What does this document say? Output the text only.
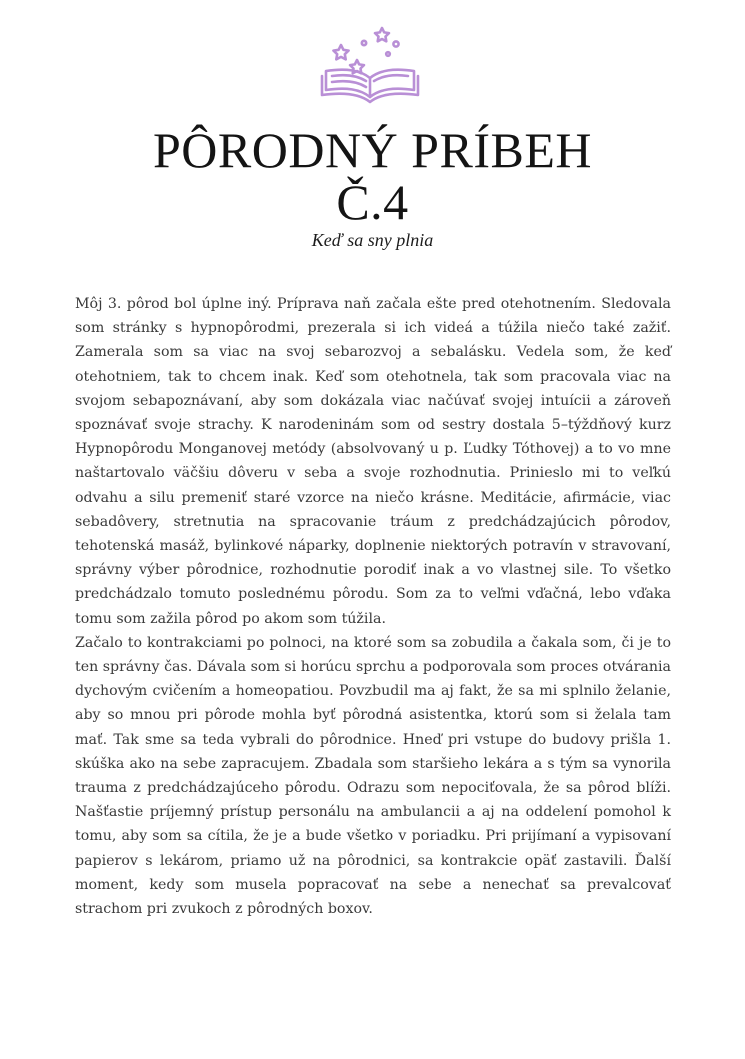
PÔRODNÝ PRÍBEH
Č.4
Keď sa sny plnia

Môj 3. pôrod bol úplne iný. Príprava naň začala ešte pred otehotnením. Sledovala som stránky s hypnopôrodmi, prezerala si ich videá a túžila niečo také zažiť. Zamerala som sa viac na svoj sebarozvoj a sebalásku. Vedela som, že keď otehotniem, tak to chcem inak. Keď som otehotnela, tak som pracovala viac na svojom sebapoznávaní, aby som dokázala viac načúvať svojej intuícii a zároveň spoznávať svoje strachy. K narodeninám som od sestry dostala 5–týždňový kurz Hypnopôrodu Monganovej metódy (absolvovaný u p. Ľudky Tóthovej) a to vo mne naštartovalo väčšiu dôveru v seba a svoje rozhodnutia. Prinieslo mi to veľkú odvahu a silu premeniť staré vzorce na niečo krásne. Meditácie, afirmácie, viac sebadôvery, stretnutia na spracovanie tráum z predchádzajúcich pôrodov, tehotenská masáž, bylinkové náparky, doplnenie niektorých potravín v stravovaní, správny výber pôrodnice, rozhodnutie porodiť inak a vo vlastnej sile. To všetko predchádzalo tomuto poslednému pôrodu. Som za to veľmi vďačná, lebo vďaka tomu som zažila pôrod po akom som túžila.

Začalo to kontrakciami po polnoci, na ktoré som sa zobudila a čakala som, či je to ten správny čas. Dávala som si horúcu sprchu a podporovala som proces otvárania dychovým cvičením a homeopatiou. Povzbudil ma aj fakt, že sa mi splnilo želanie, aby so mnou pri pôrode mohla byť pôrodná asistentka, ktorú som si želala tam mať. Tak sme sa teda vybrali do pôrodnice. Hneď pri vstupe do budovy prišla 1. skúška ako na sebe zapracujem. Zbadala som staršieho lekára a s tým sa vynorila trauma z predchádzajúceho pôrodu. Odrazu som nepociťovala, že sa pôrod blíži. Našťastie príjemný prístup personálu na ambulancii a aj na oddelení pomohol k tomu, aby som sa cítila, že je a bude všetko v poriadku. Pri prijímaní a vypisovaní papierov s lekárom, priamo už na pôrodnici, sa kontrakcie opäť zastavili. Ďalší moment, kedy som musela popracovať na sebe a nenechať sa prevalcovať strachom pri zvukoch z pôrodných boxov.
